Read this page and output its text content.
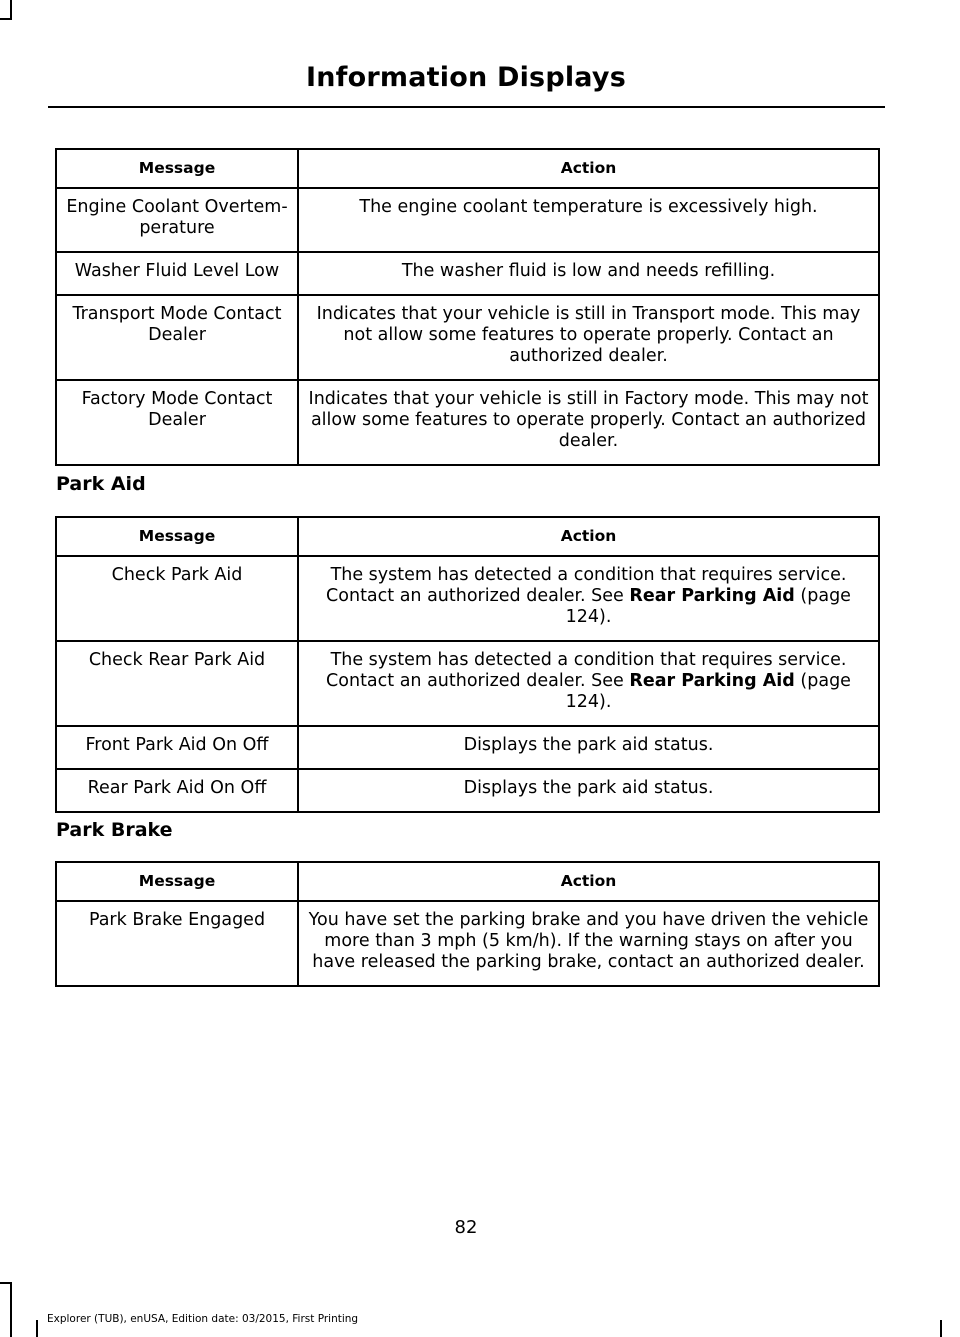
Information Displays
Message	Action
Engine Coolant Overtem-perature	The engine coolant temperature is excessively high.
Washer Fluid Level Low	The washer fluid is low and needs refilling.
Transport Mode Contact Dealer	Indicates that your vehicle is still in Transport mode. This may not allow some features to operate properly. Contact an authorized dealer.
Factory Mode Contact Dealer	Indicates that your vehicle is still in Factory mode. This may not allow some features to operate properly. Contact an authorized dealer.
Park Aid
Message	Action
Check Park Aid	The system has detected a condition that requires service. Contact an authorized dealer. See Rear Parking Aid (page 124).
Check Rear Park Aid	The system has detected a condition that requires service. Contact an authorized dealer. See Rear Parking Aid (page 124).
Front Park Aid On Off	Displays the park aid status.
Rear Park Aid On Off	Displays the park aid status.
Park Brake
Message	Action
Park Brake Engaged	You have set the parking brake and you have driven the vehicle more than 3 mph (5 km/h). If the warning stays on after you have released the parking brake, contact an authorized dealer.
82
Explorer (TUB), enUSA, Edition date: 03/2015, First Printing
